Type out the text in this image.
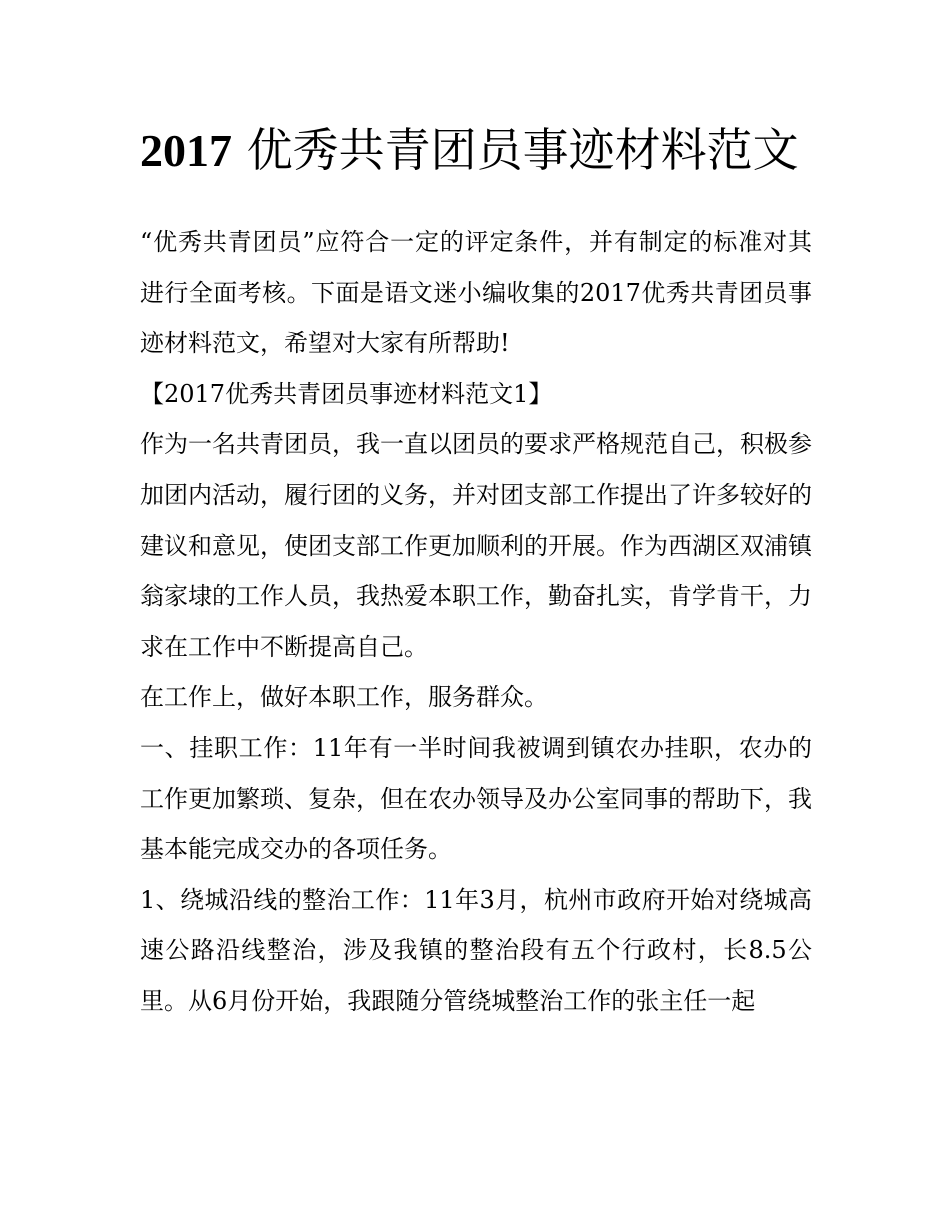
2017 优秀共青团员事迹材料范文

“优秀共青团员”应符合一定的评定条件，并有制定的标准对其进行全面考核。下面是语文迷小编收集的2017优秀共青团员事迹材料范文，希望对大家有所帮助!

【2017优秀共青团员事迹材料范文1】

作为一名共青团员，我一直以团员的要求严格规范自己，积极参加团内活动，履行团的义务，并对团支部工作提出了许多较好的建议和意见，使团支部工作更加顺利的开展。作为西湖区双浦镇翁家埭的工作人员，我热爱本职工作，勤奋扎实，肯学肯干，力求在工作中不断提高自己。

在工作上，做好本职工作，服务群众。

一、挂职工作：11年有一半时间我被调到镇农办挂职，农办的工作更加繁琐、复杂，但在农办领导及办公室同事的帮助下，我基本能完成交办的各项任务。

1、绕城沿线的整治工作：11年3月，杭州市政府开始对绕城高速公路沿线整治，涉及我镇的整治段有五个行政村，长8.5公里。从6月份开始，我跟随分管绕城整治工作的张主任一起
